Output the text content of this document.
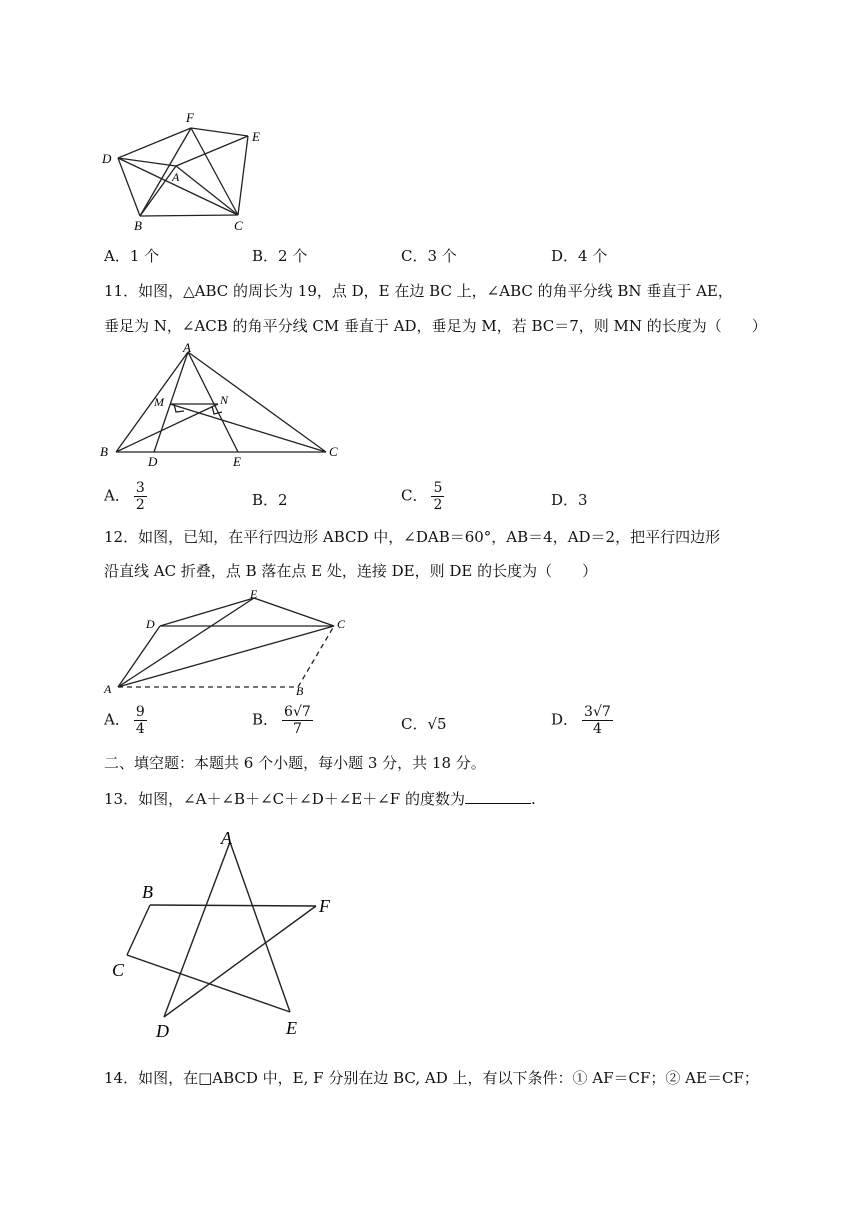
F
E
D
A
B	C
A．1 个	B．2 个	C．3 个	D．4 个
11．如图，△ABC 的周长为 19，点 D，E 在边 BC 上，∠ABC 的角平分线 BN 垂直于 AE，
垂足为 N，∠ACB 的角平分线 CM 垂直于 AD，垂足为 M，若 BC＝7，则 MN 的长度为（　　）
A
M	N
B
D	E
C
A． $\frac{3}{2}$	B．2	C． $\frac{5}{2}$	D．3
12．如图，已知，在平行四边形 ABCD 中，∠DAB＝60°，AB＝4，AD＝2，把平行四边形
沿直线 AC 折叠，点 B 落在点 E 处，连接 DE，则 DE 的长度为（　　）
E
D	C
A	B
A． $\frac{9}{4}$	B． $\frac{6√7}{7}$	C．√5	D． $\frac{3√7}{4}$
二、填空题：本题共 6 个小题，每小题 3 分，共 18 分。
13．如图，∠A＋∠B＋∠C＋∠D＋∠E＋∠F 的度数为	.
A
B
F
C
D	E
14．如图，在□ABCD 中，E, F 分别在边 BC, AD 上，有以下条件：① AF＝CF；② AE＝CF；
